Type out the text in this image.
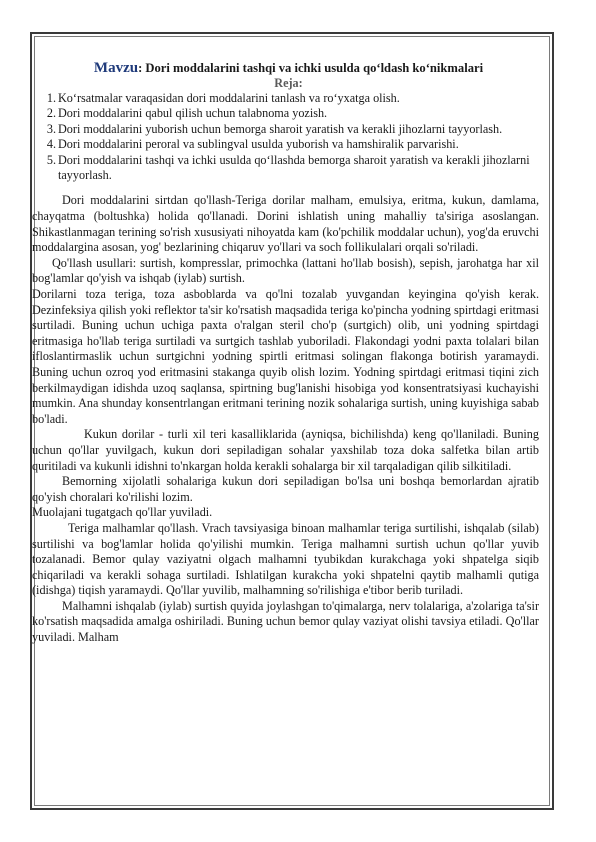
Mavzu: Dori moddalarini tashqi va ichki usulda qo‘ldash ko‘nikmalari

Reja:

1. Ko‘rsatmalar varaqasidan dori moddalarini tanlash va ro‘yxatga olish.
2. Dori moddalarini qabul qilish uchun talabnoma yozish.
3. Dori moddalarini yuborish uchun bemorga sharoit yaratish va kerakli jihozlarni tayyorlash.
4. Dori moddalarini peroral va sublingval usulda yuborish va hamshiralik parvarishi.
5. Dori moddalarini tashqi va ichki usulda qo‘llashda bemorga sharoit yaratish va kerakli jihozlarni tayyorlash.

Dori moddalarini sirtdan qo'llash-Teriga dorilar malham, emulsiya, eritma, kukun, damlama, chayqatma (boltushka) holida qo'llanadi. Dorini ishlatish uning mahalliy ta'siriga asoslangan. Shikastlanmagan terining so'rish xususiyati nihoyatda kam (ko'pchilik moddalar uchun), yog'da eruvchi moddalargina asosan, yog' bezlarining chiqaruv yo'llari va soch follikulalari orqali so'riladi.

Qo'llash usullari: surtish, kompresslar, primochka (lattani ho'llab bosish), sepish, jarohatga har xil bog'lamlar qo'yish va ishqab (iylab) surtish.

Dorilarni toza teriga, toza asboblarda va qo'lni tozalab yuvgandan keyingina qo'yish kerak. Dezinfeksiya qilish yoki reflektor ta'sir ko'rsatish maqsadida teriga ko'pincha yodning spirtdagi eritmasi surtiladi. Buning uchun uchiga paxta o'ralgan steril cho'p (surtgich) olib, uni yodning spirtdagi eritmasiga ho'llab teriga surtiladi va surtgich tashlab yuboriladi. Flakondagi yodni paxta tolalari bilan ifloslantirmaslik uchun surtgichni yodning spirtli eritmasi solingan flakonga botirish yaramaydi. Buning uchun ozroq yod eritmasini stakanga quyib olish lozim. Yodning spirtdagi eritmasi tiqini zich berkilmaydigan idishda uzoq saqlansa, spirtning bug'lanishi hisobiga yod konsentratsiyasi kuchayishi mumkin. Ana shunday konsentrlangan eritmani terining nozik sohalariga surtish, uning kuyishiga sabab bo'ladi.

Kukun dorilar - turli xil teri kasalliklarida (ayniqsa, bichilishda) keng qo'llaniladi. Buning uchun qo'llar yuvilgach, kukun dori sepiladigan sohalar yaxshilab toza doka salfetka bilan artib quritiladi va kukunli idishni to'nkargan holda kerakli sohalarga bir xil tarqaladigan qilib silkitiladi.

Bemorning xijolatli sohalariga kukun dori sepiladigan bo'lsa uni boshqa bemorlardan ajratib qo'yish choralari ko'rilishi lozim.

Muolajani tugatgach qo'llar yuviladi.

Teriga malhamlar qo'llash. Vrach tavsiyasiga binoan malhamlar teriga surtilishi, ishqalab (silab) surtilishi va bog'lamlar holida qo'yilishi mumkin. Teriga malhamni surtish uchun qo'llar yuvib tozalanadi. Bemor qulay vaziyatni olgach malhamni tyubikdan kurakchaga yoki shpatelga siqib chiqariladi va kerakli sohaga surtiladi. Ishlatilgan kurakcha yoki shpatelni qaytib malhamli qutiga (idishga) tiqish yaramaydi. Qo'llar yuvilib, malhamning so'rilishiga e'tibor berib turiladi.

Malhamni ishqalab (iylab) surtish quyida joylashgan to'qimalarga, nerv tolalariga, a'zolariga ta'sir ko'rsatish maqsadida amalga oshiriladi. Buning uchun bemor qulay vaziyat olishi tavsiya etiladi. Qo'llar yuviladi. Malham
